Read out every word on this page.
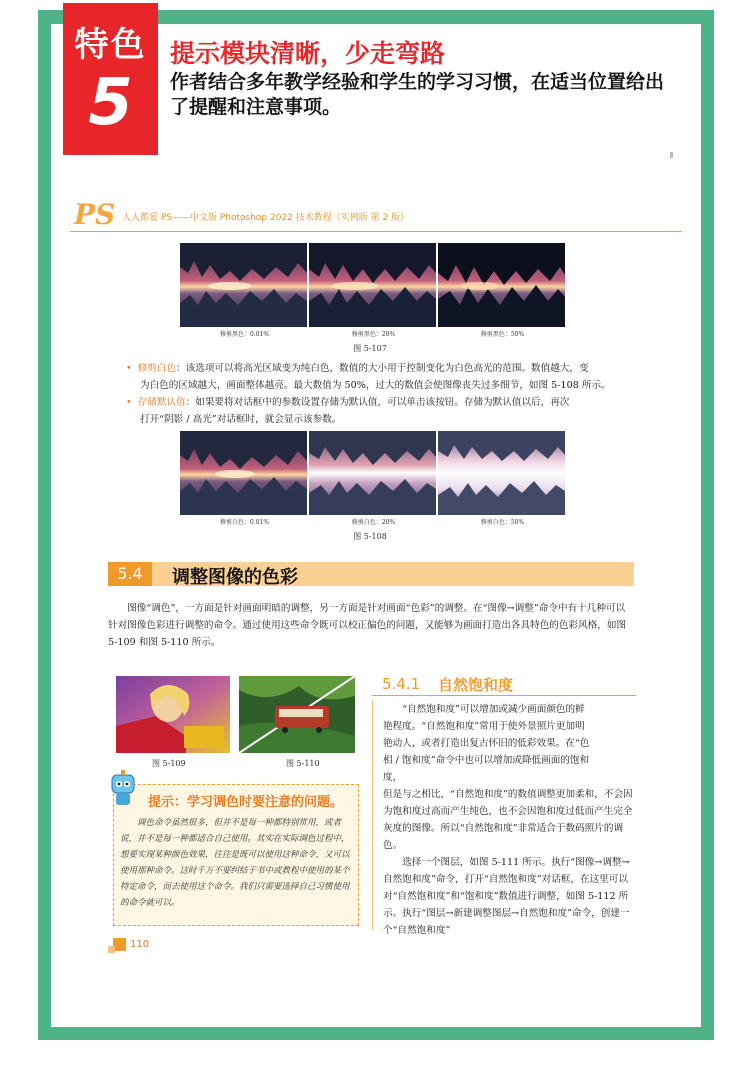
特色
5
提示模块清晰，少走弯路
作者结合多年教学经验和学生的学习习惯，在适当位置给出了提醒和注意事项。
PS 人人都爱 PS——中文版 Photoshop 2022 技术教程（实例版 第 2 版）
修剪黑色：0.01%	修剪黑色：20%	修剪黑色：50%
图 5-107
• 修剪白色：该选项可以将高光区域变为纯白色，数值的大小用于控制变化为白色高光的范围。数值越大，变
为白色的区域越大，画面整体越亮。最大数值为 50%，过大的数值会使图像丧失过多细节，如图 5-108 所示。
• 存储默认值：如果要将对话框中的参数设置存储为默认值，可以单击该按钮。存储为默认值以后，再次
打开“阴影 / 高光”对话框时，就会显示该参数。
修剪白色：0.01%	修剪白色：20%	修剪白色：50%
图 5-108
5.4	调整图像的色彩
图像“调色”，一方面是针对画面明暗的调整，另一方面是针对画面“色彩”的调整。在“图像→调整”命令中有十几种可以针对图像色彩进行调整的命令。通过使用这些命令既可以校正偏色的问题，又能够为画面打造出各具特色的色彩风格，如图 5-109 和图 5-110 所示。
图 5-109	图 5-110
提示：学习调色时要注意的问题。
调色命令虽然很多，但并不是每一种都特别常用，或者说，并不是每一种都适合自己使用。其实在实际调色过程中，想要实现某种颜色效果，往往是既可以使用这种命令，又可以使用那种命令。这时千万不要纠结于书中或教程中使用的某个特定命令，而去使用这个命令。我们只需要选择自己习惯使用的命令就可以。
5.4.1 自然饱和度
“自然饱和度”可以增加或减少画面颜色的鲜艳程度。“自然饱和度”常用于使外景照片更加明艳动人，或者打造出复古怀旧的低彩效果。在“色相 / 饱和度”命令中也可以增加或降低画面的饱和度，
但是与之相比，“自然饱和度”的数值调整更加柔和，不会因为饱和度过高而产生纯色，也不会因饱和度过低而产生完全灰度的图像。所以“自然饱和度”非常适合于数码照片的调色。
选择一个图层，如图 5-111 所示。执行“图像→调整→自然饱和度”命令，打开“自然饱和度”对话框，在这里可以对“自然饱和度”和“饱和度”数值进行调整，如图 5-112 所示。执行“图层→新建调整图层→自然饱和度”命令，创建一个“自然饱和度”
110
